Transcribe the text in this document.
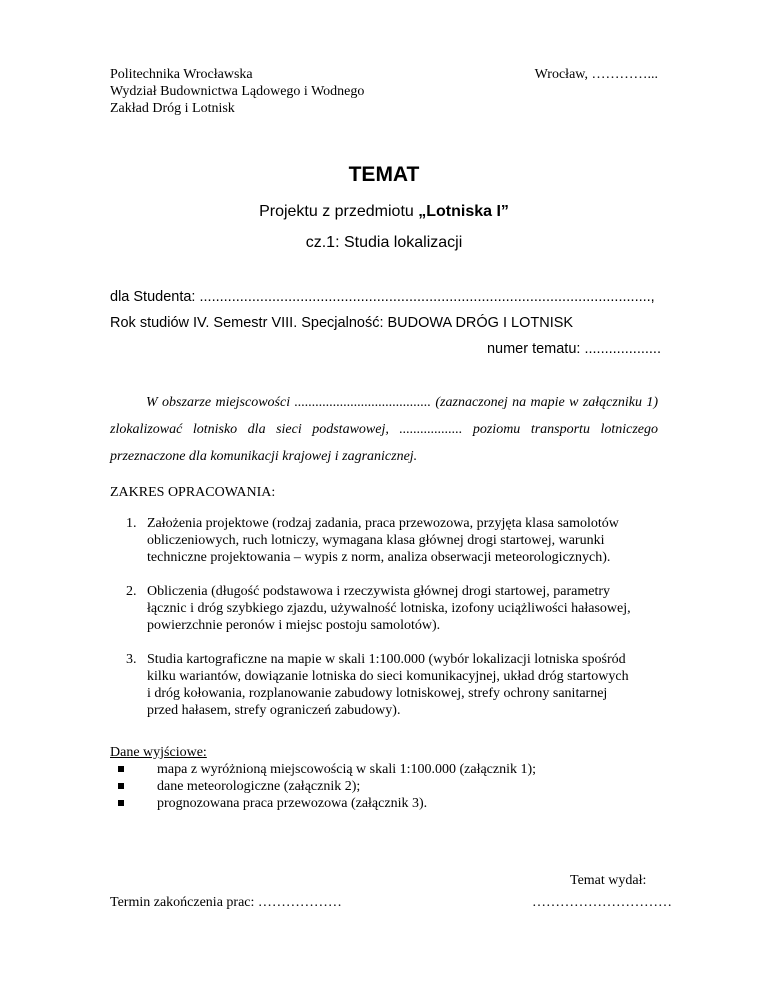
Politechnika Wrocławska
Wydział Budownictwa Lądowego i Wodnego
Zakład Dróg i Lotnisk
Wrocław, …………...
TEMAT
Projektu z przedmiotu „Lotniska I”
cz.1: Studia lokalizacji
dla Studenta: ................................................................................................................,
Rok studiów IV. Semestr VIII. Specjalność: BUDOWA DRÓG I LOTNISK
numer tematu: ...................

W obszarze miejscowości ....................................... (zaznaczonej na mapie w załączniku 1) zlokalizować lotnisko dla sieci podstawowej, .................. poziomu transportu lotniczego przeznaczone dla komunikacji krajowej i zagranicznej.

ZAKRES OPRACOWANIA:
1. Założenia projektowe (rodzaj zadania, praca przewozowa, przyjęta klasa samolotów
obliczeniowych, ruch lotniczy, wymagana klasa głównej drogi startowej, warunki
techniczne projektowania – wypis z norm, analiza obserwacji meteorologicznych).
2. Obliczenia (długość podstawowa i rzeczywista głównej drogi startowej, parametry
łącznic i dróg szybkiego zjazdu, używalność lotniska, izofony uciążliwości hałasowej,
powierzchnie peronów i miejsc postoju samolotów).
3. Studia kartograficzne na mapie w skali 1:100.000 (wybór lokalizacji lotniska spośród
kilku wariantów, dowiązanie lotniska do sieci komunikacyjnej, układ dróg startowych
i dróg kołowania, rozplanowanie zabudowy lotniskowej, strefy ochrony sanitarnej
przed hałasem, strefy ograniczeń zabudowy).
Dane wyjściowe:
mapa z wyróżnioną miejscowością w skali 1:100.000 (załącznik 1);
dane meteorologiczne (załącznik 2);
prognozowana praca przewozowa (załącznik 3).
Termin zakończenia prac: ………………
Temat wydał:
…………………………
